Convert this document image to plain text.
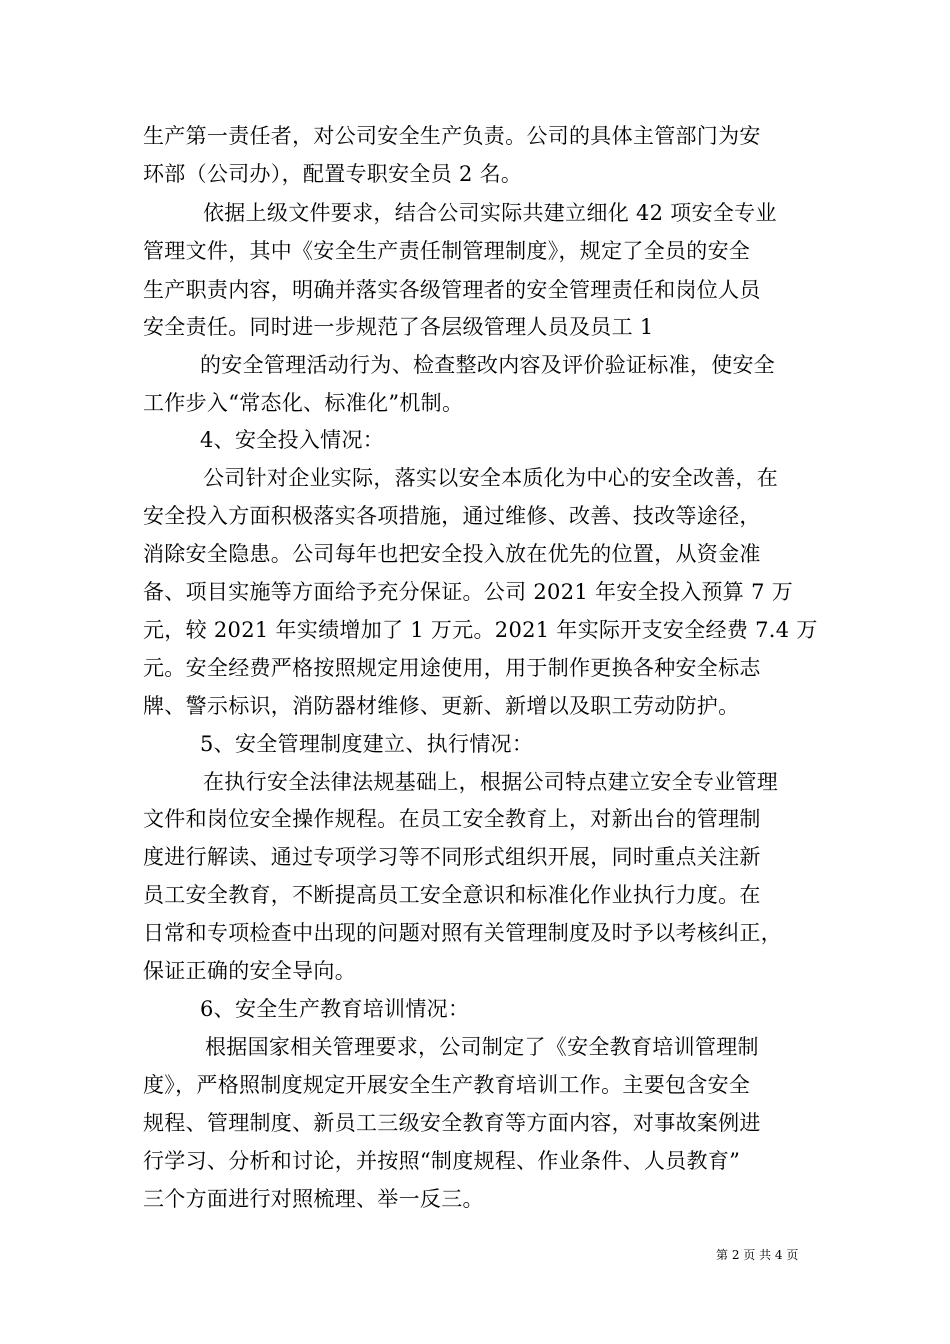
生产第一责任者，对公司安全生产负责。公司的具体主管部门为安
环部（公司办），配置专职安全员 2 名。
依据上级文件要求，结合公司实际共建立细化 42 项安全专业
管理文件，其中《安全生产责任制管理制度》，规定了全员的安全
生产职责内容，明确并落实各级管理者的安全管理责任和岗位人员
安全责任。同时进一步规范了各层级管理人员及员工 1
的安全管理活动行为、检查整改内容及评价验证标准，使安全
工作步入“常态化、标准化”机制。
4、安全投入情况：
公司针对企业实际，落实以安全本质化为中心的安全改善，在
安全投入方面积极落实各项措施，通过维修、改善、技改等途径，
消除安全隐患。公司每年也把安全投入放在优先的位置，从资金准
备、项目实施等方面给予充分保证。公司 2021 年安全投入预算 7 万
元，较 2021 年实绩增加了 1 万元。2021 年实际开支安全经费 7.4 万
元。安全经费严格按照规定用途使用，用于制作更换各种安全标志
牌、警示标识，消防器材维修、更新、新增以及职工劳动防护。
5、安全管理制度建立、执行情况：
在执行安全法律法规基础上，根据公司特点建立安全专业管理
文件和岗位安全操作规程。在员工安全教育上，对新出台的管理制
度进行解读、通过专项学习等不同形式组织开展，同时重点关注新
员工安全教育，不断提高员工安全意识和标准化作业执行力度。在
日常和专项检查中出现的问题对照有关管理制度及时予以考核纠正，
保证正确的安全导向。
6、安全生产教育培训情况：
根据国家相关管理要求，公司制定了《安全教育培训管理制
度》，严格照制度规定开展安全生产教育培训工作。主要包含安全
规程、管理制度、新员工三级安全教育等方面内容，对事故案例进
行学习、分析和讨论，并按照“制度规程、作业条件、人员教育”
三个方面进行对照梳理、举一反三。
第 2 页 共 4 页
